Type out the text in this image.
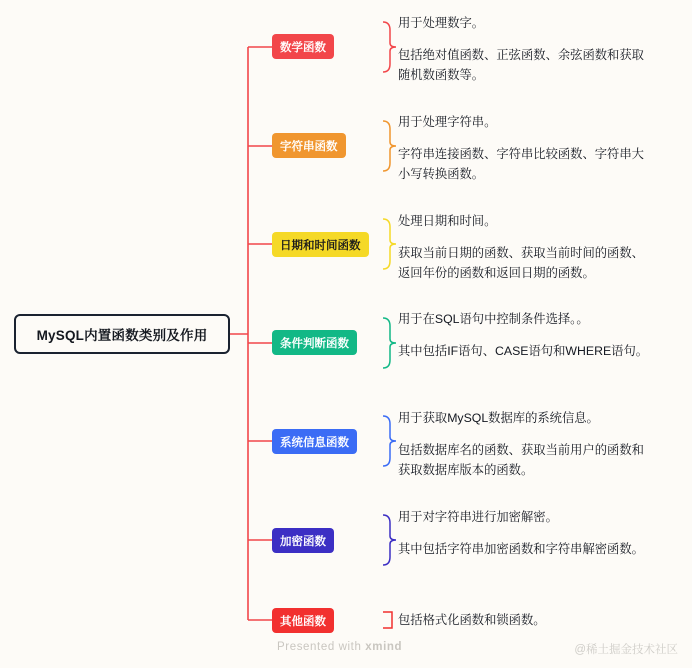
MySQL内置函数类别及作用
数学函数

用于处理数字。

包括绝对值函数、正弦函数、余弦函数和获取随机数函数等。

字符串函数

用于处理字符串。

字符串连接函数、字符串比较函数、字符串大小写转换函数。

日期和时间函数

处理日期和时间。

获取当前日期的函数、获取当前时间的函数、返回年份的函数和返回日期的函数。

条件判断函数

用于在SQL语句中控制条件选择。。

其中包括IF语句、CASE语句和WHERE语句。

系统信息函数

用于获取MySQL数据库的系统信息。

包括数据库名的函数、获取当前用户的函数和获取数据库版本的函数。

加密函数

用于对字符串进行加密解密。

其中包括字符串加密函数和字符串解密函数。

其他函数	包括格式化函数和锁函数。

Presented with xmind	@稀土掘金技术社区
